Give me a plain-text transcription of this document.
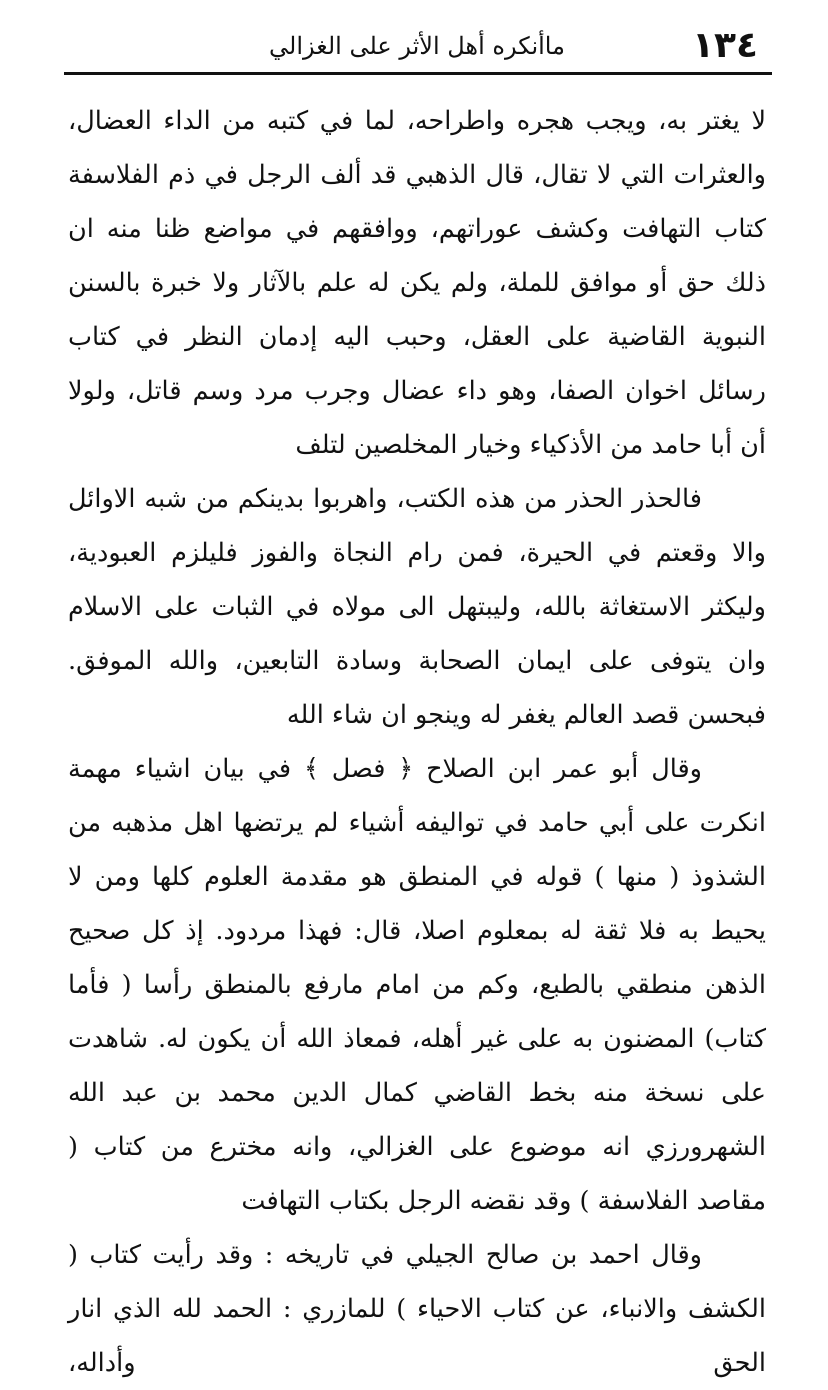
١٣٤
ماأنكره أهل الأثر على الغزالي

لا يغتر به، ويجب هجره واطراحه، لما في كتبه من الداء العضال، والعثرات التي لا تقال، قال الذهبي قد ألف الرجل في ذم الفلاسفة كتاب التهافت وكشف عوراتهم، ووافقهم في مواضع ظنا منه ان ذلك حق أو موافق للملة، ولم يكن له علم بالآثار ولا خبرة بالسنن النبوية القاضية على العقل، وحبب اليه إدمان النظر في كتاب رسائل اخوان الصفا، وهو داء عضال وجرب مرد وسم قاتل، ولولا أن أبا حامد من الأذكياء وخيار المخلصين لتلف

فالحذر الحذر من هذه الكتب، واهربوا بدينكم من شبه الاوائل والا وقعتم في الحيرة، فمن رام النجاة والفوز فليلزم العبودية، وليكثر الاستغاثة بالله، وليبتهل الى مولاه في الثبات على الاسلام وان يتوفى على ايمان الصحابة وسادة التابعين، والله الموفق. فبحسن قصد العالم يغفر له وينجو ان شاء الله

وقال أبو عمر ابن الصلاح ﴿ فصل ﴾ في بيان اشياء مهمة انكرت على أبي حامد في تواليفه أشياء لم يرتضها اهل مذهبه من الشذوذ ( منها ) قوله في المنطق هو مقدمة العلوم كلها ومن لا يحيط به فلا ثقة له بمعلوم اصلا، قال: فهذا مردود. إذ كل صحيح الذهن منطقي بالطبع، وكم من امام مارفع بالمنطق رأسا ( فأما كتاب) المضنون به على غير أهله، فمعاذ الله أن يكون له. شاهدت على نسخة منه بخط القاضي كمال الدين محمد بن عبد الله الشهرورزي انه موضوع على الغزالي، وانه مخترع من كتاب ( مقاصد الفلاسفة ) وقد نقضه الرجل بكتاب التهافت

وقال احمد بن صالح الجيلي في تاريخه : وقد رأيت كتاب ( الكشف والانباء، عن كتاب الاحياء ) للمازري : الحمد لله الذي انار الحق وأداله،
